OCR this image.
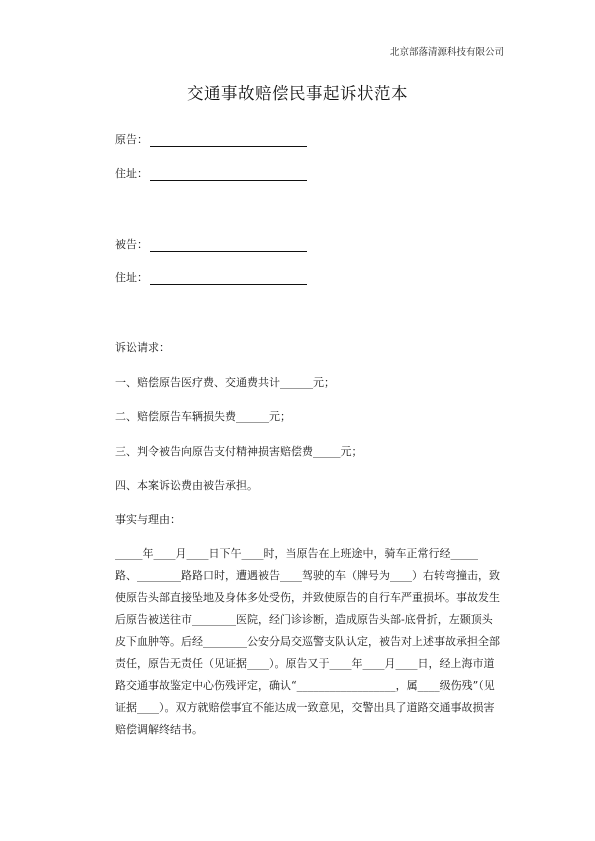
北京部落清源科技有限公司
交通事故赔偿民事起诉状范本
原告：
住址：
被告：
住址：
诉讼请求：
一、赔偿原告医疗费、交通费共计______元；
二、赔偿原告车辆损失费______元；
三、判令被告向原告支付精神损害赔偿费_____元；
四、本案诉讼费由被告承担。
事实与理由：
_____年____月____日下午____时，当原告在上班途中，骑车正常行经_____
路、________路路口时，遭遇被告____驾驶的车（牌号为____）右转弯撞击，致
使原告头部直接坠地及身体多处受伤，并致使原告的自行车严重损坏。事故发生
后原告被送往市________医院，经门诊诊断，造成原告头部-底骨折，左颞顶头
皮下血肿等。后经________公安分局交巡警支队认定，被告对上述事故承担全部
责任，原告无责任（见证据____）。原告又于____年____月____日，经上海市道
路交通事故鉴定中心伤残评定，确认“__________________，属____级伤残”（见
证据____）。双方就赔偿事宜不能达成一致意见，交警出具了道路交通事故损害
赔偿调解终结书。
